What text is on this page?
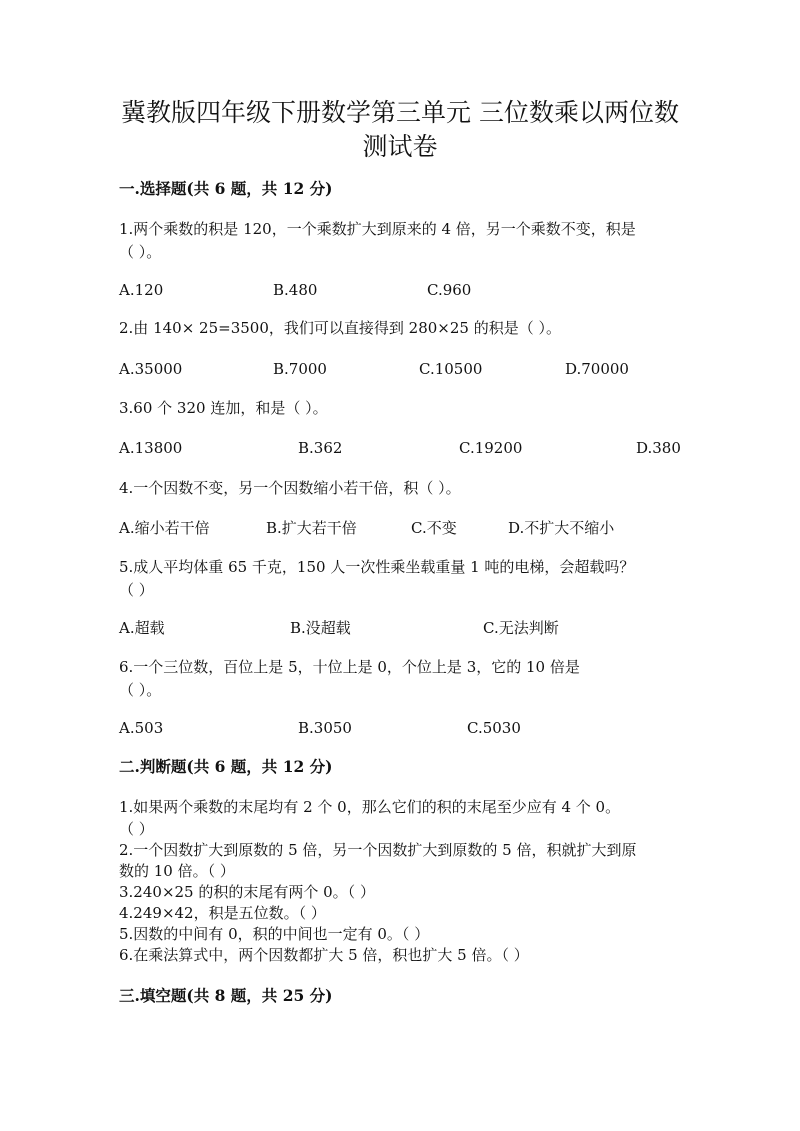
冀教版四年级下册数学第三单元 三位数乘以两位数
测试卷
一.选择题(共 6 题，共 12 分)
1.两个乘数的积是 120，一个乘数扩大到原来的 4 倍，另一个乘数不变，积是
（ ）。
A.120	B.480	C.960
2.由 140× 25=3500，我们可以直接得到 280×25 的积是（ ）。
A.35000	B.7000	C.10500	D.70000
3.60 个 320 连加，和是（ ）。
A.13800	B.362	C.19200	D.380
4.一个因数不变，另一个因数缩小若干倍，积（ ）。
A.缩小若干倍	B.扩大若干倍	C.不变	D.不扩大不缩小
5.成人平均体重 65 千克，150 人一次性乘坐载重量 1 吨的电梯，会超载吗？
（ ）
A.超载	B.没超载	C.无法判断
6.一个三位数，百位上是 5，十位上是 0，个位上是 3，它的 10 倍是
（ ）。
A.503	B.3050	C.5030
二.判断题(共 6 题，共 12 分)
1.如果两个乘数的末尾均有 2 个 0，那么它们的积的末尾至少应有 4 个 0。
（ ）
2.一个因数扩大到原数的 5 倍，另一个因数扩大到原数的 5 倍，积就扩大到原
数的 10 倍。（ ）
3.240×25 的积的末尾有两个 0。（ ）
4.249×42，积是五位数。（ ）
5.因数的中间有 0，积的中间也一定有 0。（ ）
6.在乘法算式中，两个因数都扩大 5 倍，积也扩大 5 倍。（ ）
三.填空题(共 8 题，共 25 分)
